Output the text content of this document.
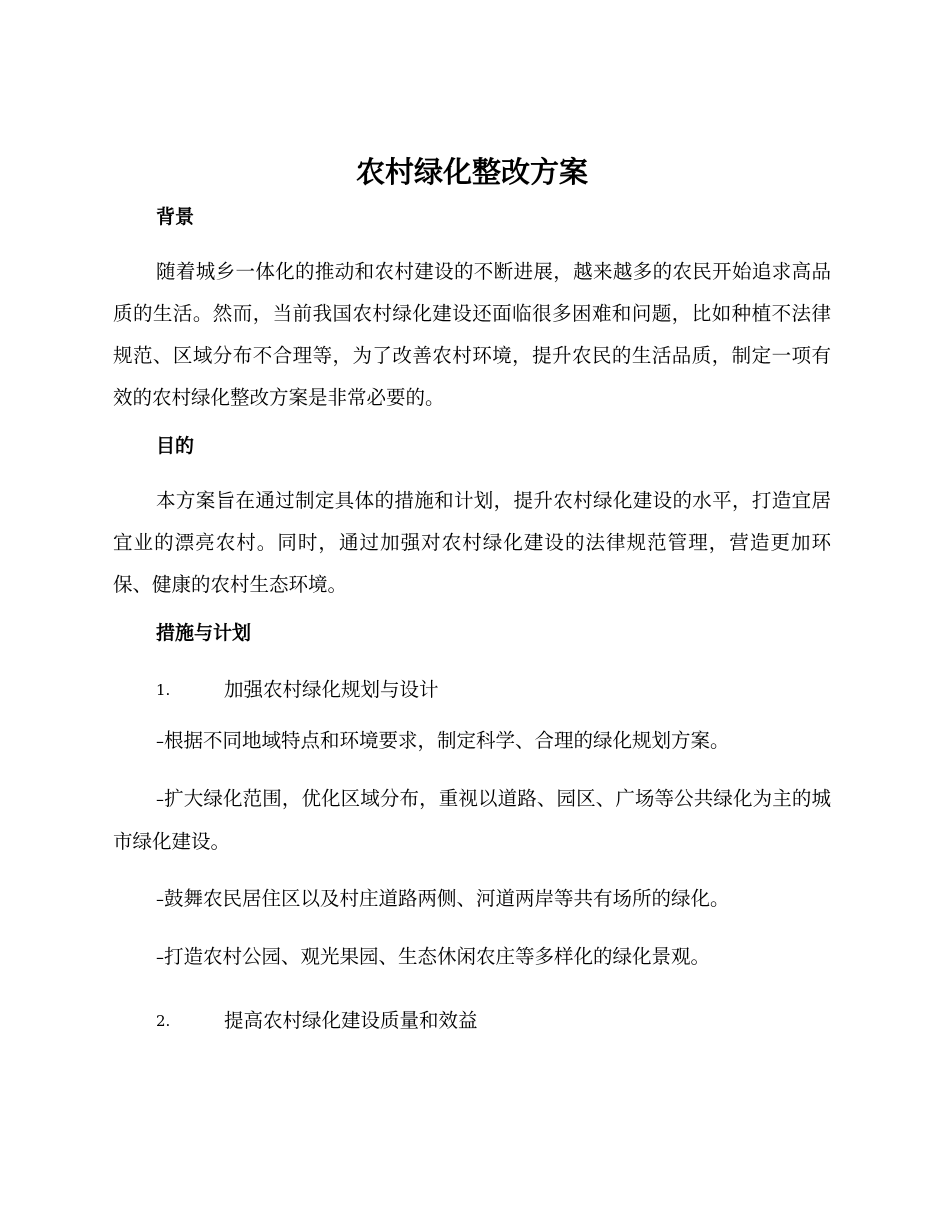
农村绿化整改方案
背景

随着城乡一体化的推动和农村建设的不断进展，越来越多的农民开始追求高品质的生活。然而，当前我国农村绿化建设还面临很多困难和问题，比如种植不法律规范、区域分布不合理等，为了改善农村环境，提升农民的生活品质，制定一项有效的农村绿化整改方案是非常必要的。

目的

本方案旨在通过制定具体的措施和计划，提升农村绿化建设的水平，打造宜居宜业的漂亮农村。同时，通过加强对农村绿化建设的法律规范管理，营造更加环保、健康的农村生态环境。

措施与计划
1.	加强农村绿化规划与设计

–根据不同地域特点和环境要求，制定科学、合理的绿化规划方案。

–扩大绿化范围，优化区域分布，重视以道路、园区、广场等公共绿化为主的城市绿化建设。

–鼓舞农民居住区以及村庄道路两侧、河道两岸等共有场所的绿化。

–打造农村公园、观光果园、生态休闲农庄等多样化的绿化景观。

2.	提高农村绿化建设质量和效益
